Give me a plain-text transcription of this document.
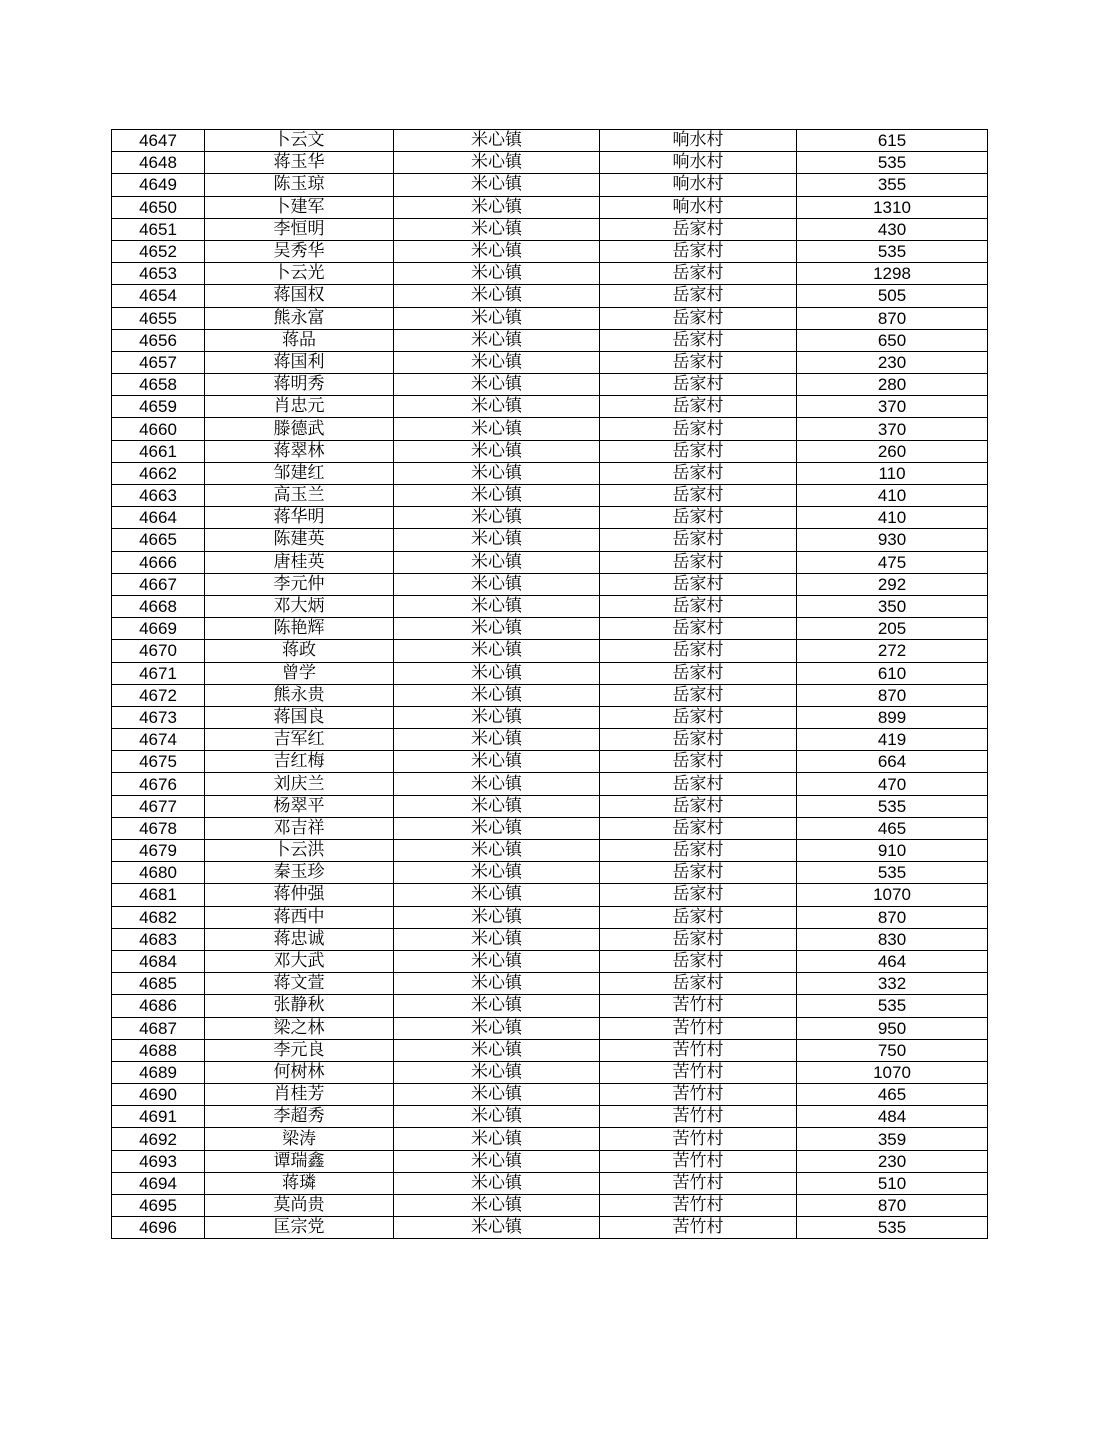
4647	卜云文	米心镇	响水村	615
4648	蒋玉华	米心镇	响水村	535
4649	陈玉琼	米心镇	响水村	355
4650	卜建军	米心镇	响水村	1310
4651	李恒明	米心镇	岳家村	430
4652	吴秀华	米心镇	岳家村	535
4653	卜云光	米心镇	岳家村	1298
4654	蒋国权	米心镇	岳家村	505
4655	熊永富	米心镇	岳家村	870
4656	蒋品	米心镇	岳家村	650
4657	蒋国利	米心镇	岳家村	230
4658	蒋明秀	米心镇	岳家村	280
4659	肖忠元	米心镇	岳家村	370
4660	滕德武	米心镇	岳家村	370
4661	蒋翠林	米心镇	岳家村	260
4662	邹建红	米心镇	岳家村	110
4663	高玉兰	米心镇	岳家村	410
4664	蒋华明	米心镇	岳家村	410
4665	陈建英	米心镇	岳家村	930
4666	唐桂英	米心镇	岳家村	475
4667	李元仲	米心镇	岳家村	292
4668	邓大炳	米心镇	岳家村	350
4669	陈艳辉	米心镇	岳家村	205
4670	蒋政	米心镇	岳家村	272
4671	曾学	米心镇	岳家村	610
4672	熊永贵	米心镇	岳家村	870
4673	蒋国良	米心镇	岳家村	899
4674	吉军红	米心镇	岳家村	419
4675	吉红梅	米心镇	岳家村	664
4676	刘庆兰	米心镇	岳家村	470
4677	杨翠平	米心镇	岳家村	535
4678	邓吉祥	米心镇	岳家村	465
4679	卜云洪	米心镇	岳家村	910
4680	秦玉珍	米心镇	岳家村	535
4681	蒋仲强	米心镇	岳家村	1070
4682	蒋西中	米心镇	岳家村	870
4683	蒋忠诚	米心镇	岳家村	830
4684	邓大武	米心镇	岳家村	464
4685	蒋文萱	米心镇	岳家村	332
4686	张静秋	米心镇	苦竹村	535
4687	梁之林	米心镇	苦竹村	950
4688	李元良	米心镇	苦竹村	750
4689	何树林	米心镇	苦竹村	1070
4690	肖桂芳	米心镇	苦竹村	465
4691	李超秀	米心镇	苦竹村	484
4692	梁涛	米心镇	苦竹村	359
4693	谭瑞鑫	米心镇	苦竹村	230
4694	蒋璘	米心镇	苦竹村	510
4695	莫尚贵	米心镇	苦竹村	870
4696	匡宗党	米心镇	苦竹村	535
